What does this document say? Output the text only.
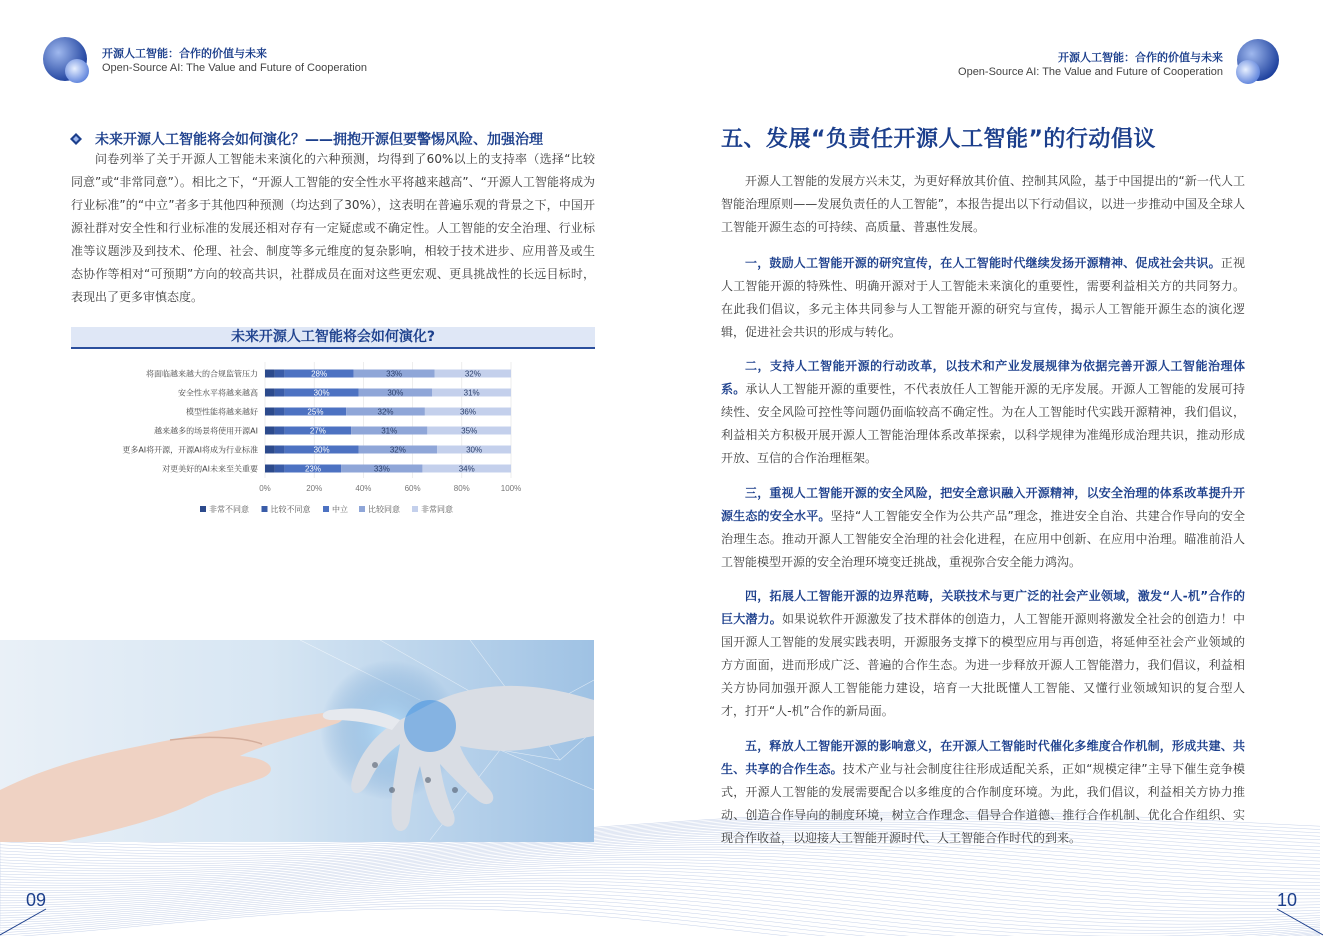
开源人工智能：合作的价值与未来
Open-Source AI: The Value and Future of Cooperation
开源人工智能：合作的价值与未来
Open-Source AI: The Value and Future of Cooperation
未来开源人工智能将会如何演化？——拥抱开源但要警惕风险、加强治理

问卷列举了关于开源人工智能未来演化的六种预测，均得到了60%以上的支持率（选择“比较同意”或“非常同意”）。相比之下，“开源人工智能的安全性水平将越来越高”、“开源人工智能将成为行业标准”的“中立”者多于其他四种预测（均达到了30%），这表明在普遍乐观的背景之下，中国开源社群对安全性和行业标准的发展还相对存有一定疑虑或不确定性。人工智能的安全治理、行业标准等议题涉及到技术、伦理、社会、制度等多元维度的复杂影响，相较于技术进步、应用普及或生态协作等相对“可预期”方向的较高共识，社群成员在面对这些更宏观、更具挑战性的长远目标时，表现出了更多审慎态度。

未来开源人工智能将会如何演化?
0%	20%	40%	60%	80%	100%
将面临越来越大的合规监管压力	28%	33%	32%
安全性水平将越来越高	30%	30%	31%
模型性能将越来越好	25%	32%	36%
越来越多的场景将使用开源AI	27%	31%	35%
更多AI将开源，开源AI将成为行业标准	30%	32%	30%
对更美好的AI未来至关重要	23%	33%	34%
非常不同意	比较不同意	中立	比较同意	非常同意
09
五、发展“负责任开源人工智能”的行动倡议

开源人工智能的发展方兴未艾，为更好释放其价值、控制其风险，基于中国提出的“新一代人工智能治理原则——发展负责任的人工智能”，本报告提出以下行动倡议，以进一步推动中国及全球人工智能开源生态的可持续、高质量、普惠性发展。

一，鼓励人工智能开源的研究宣传，在人工智能时代继续发扬开源精神、促成社会共识。正视人工智能开源的特殊性、明确开源对于人工智能未来演化的重要性，需要利益相关方的共同努力。在此我们倡议，多元主体共同参与人工智能开源的研究与宣传，揭示人工智能开源生态的演化逻辑，促进社会共识的形成与转化。

二，支持人工智能开源的行动改革，以技术和产业发展规律为依据完善开源人工智能治理体系。承认人工智能开源的重要性，不代表放任人工智能开源的无序发展。开源人工智能的发展可持续性、安全风险可控性等问题仍面临较高不确定性。为在人工智能时代实践开源精神，我们倡议，利益相关方积极开展开源人工智能治理体系改革探索，以科学规律为准绳形成治理共识，推动形成开放、互信的合作治理框架。

三，重视人工智能开源的安全风险，把安全意识融入开源精神，以安全治理的体系改革提升开源生态的安全水平。坚持“人工智能安全作为公共产品”理念，推进安全自治、共建合作导向的安全治理生态。推动开源人工智能安全治理的社会化进程，在应用中创新、在应用中治理。瞄准前沿人工智能模型开源的安全治理环境变迁挑战，重视弥合安全能力鸿沟。

四，拓展人工智能开源的边界范畴，关联技术与更广泛的社会产业领域，激发“人-机”合作的巨大潜力。如果说软件开源激发了技术群体的创造力，人工智能开源则将激发全社会的创造力！中国开源人工智能的发展实践表明，开源服务支撑下的模型应用与再创造，将延伸至社会产业领域的方方面面，进而形成广泛、普遍的合作生态。为进一步释放开源人工智能潜力，我们倡议，利益相关方协同加强开源人工智能能力建设，培育一大批既懂人工智能、又懂行业领域知识的复合型人才，打开“人-机”合作的新局面。

五，释放人工智能开源的影响意义，在开源人工智能时代催化多维度合作机制，形成共建、共生、共享的合作生态。技术产业与社会制度往往形成适配关系，正如“规模定律”主导下催生竞争模式，开源人工智能的发展需要配合以多维度的合作制度环境。为此，我们倡议，利益相关方协力推动、创造合作导向的制度环境，树立合作理念、倡导合作道德、推行合作机制、优化合作组织、实现合作收益，以迎接人工智能开源时代、人工智能合作时代的到来。

10
